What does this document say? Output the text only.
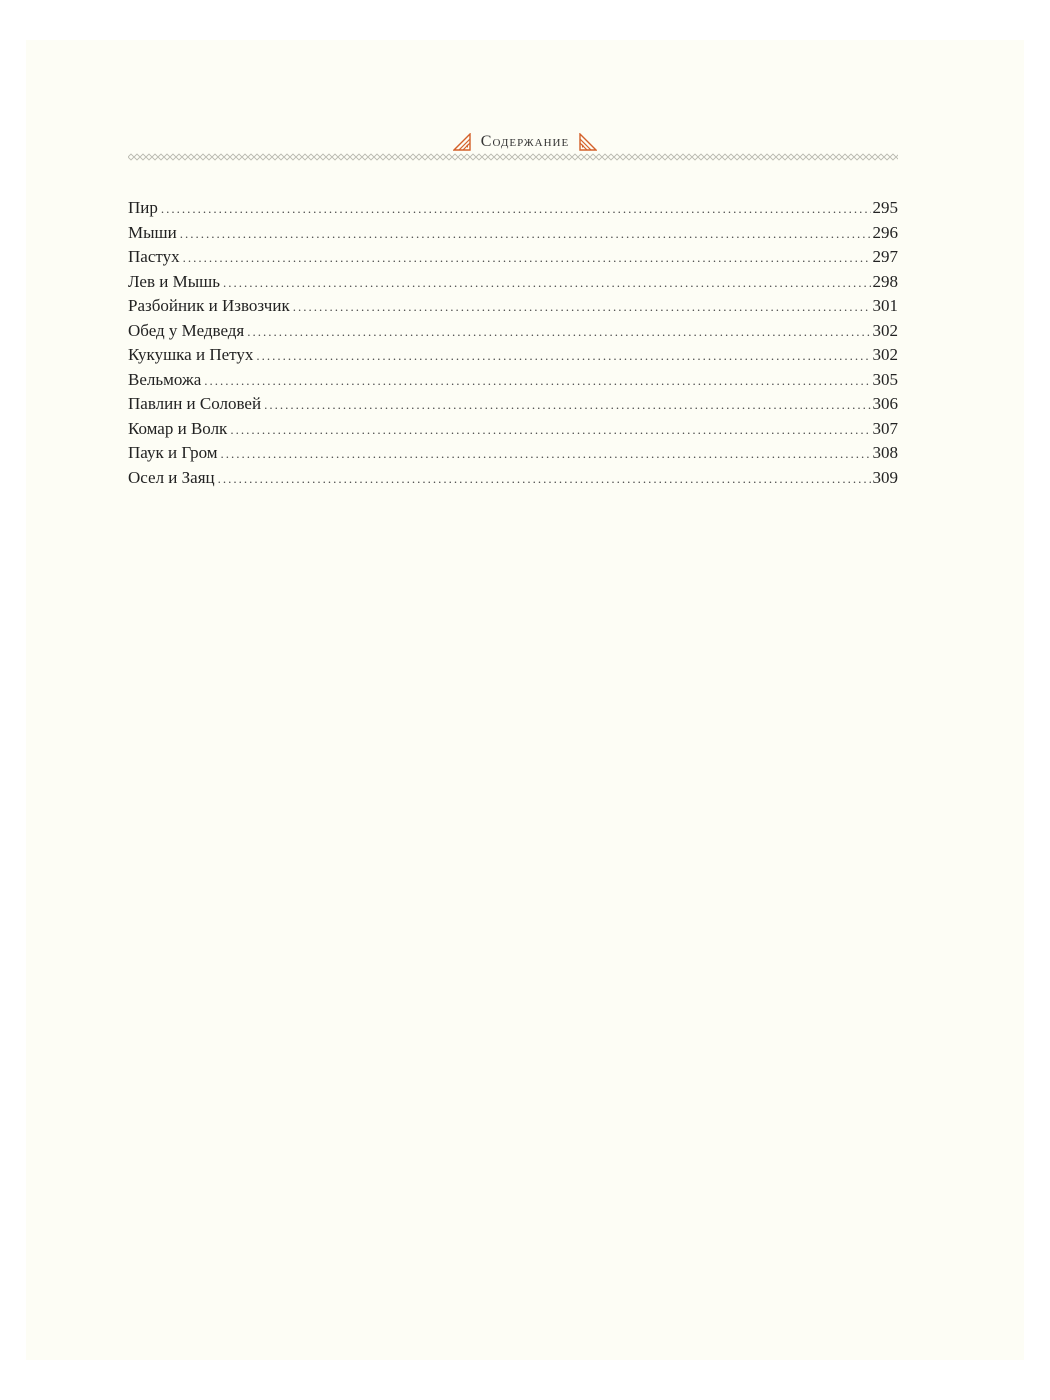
Содержание
Пир .....	295
Мыши .....	296
Пастух .....	297
Лев и Мышь .....	298
Разбойник и Извозчик .....	301
Обед у Медведя .....	302
Кукушка и Петух .....	302
Вельможа .....	305
Павлин и Соловей .....	306
Комар и Волк .....	307
Паук и Гром .....	308
Осел и Заяц .....	309
